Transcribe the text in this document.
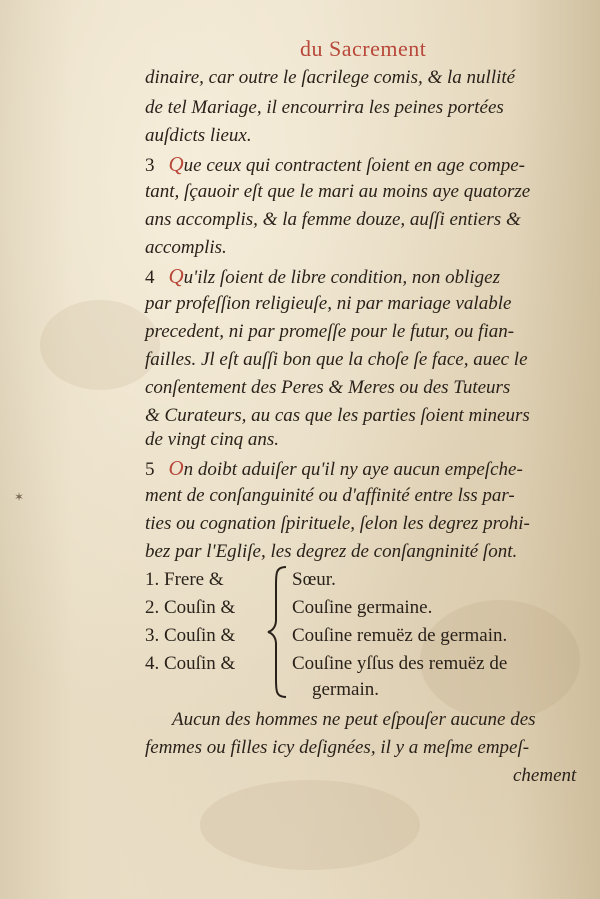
✶
du Sacrement
dinaire, car outre le ſacrilege comis, & la nullité
de tel Mariage, il encourrira les peines portées
auſdicts lieux.
3 Que ceux qui contractent ſoient en age compe-
tant, ſçauoir eſt que le mari au moins aye quatorze
ans accomplis, & la femme douze, auſſi entiers &
accomplis.
4 Qu'ilz ſoient de libre condition, non obligez
par profeſſion religieuſe, ni par mariage valable
precedent, ni par promeſſe pour le futur, ou fian-
failles. Jl eſt auſſi bon que la choſe ſe face, auec le
conſentement des Peres & Meres ou des Tuteurs
& Curateurs, au cas que les parties ſoient mineurs
de vingt cinq ans.
5 On doibt aduiſer qu'il ny aye aucun empeſche-
ment de conſanguinité ou d'affinité entre lss par-
ties ou cognation ſpirituele, ſelon les degrez prohi-
bez par l'Egliſe, les degrez de conſangninité ſont.
1. Frere &
2. Couſin &
3. Couſin &
4. Couſin &
Sœur.
Couſine germaine.
Couſine remuëz de germain.
Couſine yſſus des remuëz de
germain.
Aucun des hommes ne peut eſpouſer aucune des
femmes ou filles icy deſignées, il y a meſme empeſ-
chement
